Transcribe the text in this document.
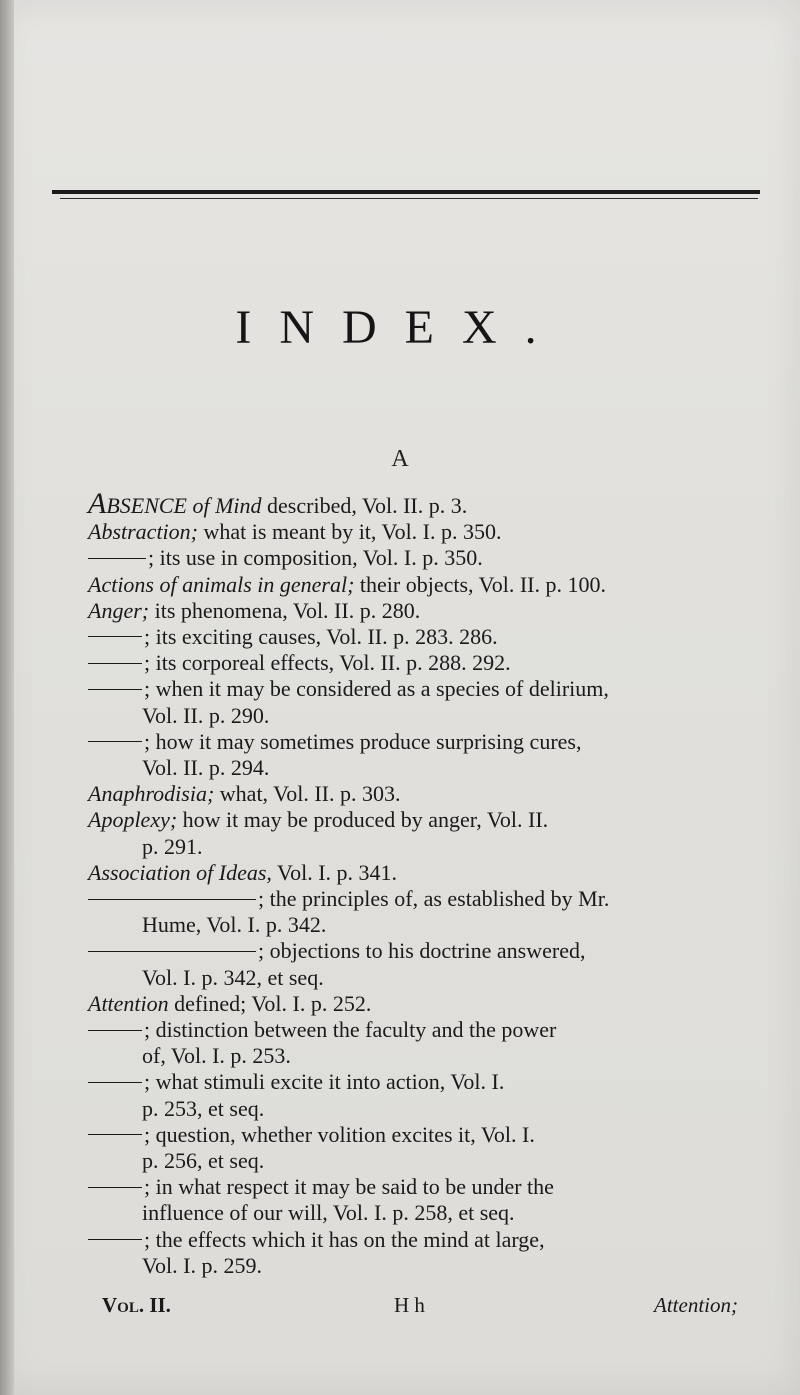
INDEX.
A
ABSENCE of Mind described, Vol. II. p. 3.
Abstraction; what is meant by it, Vol. I. p. 350.
; its use in composition, Vol. I. p. 350.
Actions of animals in general; their objects, Vol. II. p. 100.
Anger; its phenomena, Vol. II. p. 280.
; its exciting causes, Vol. II. p. 283. 286.
; its corporeal effects, Vol. II. p. 288. 292.
; when it may be considered as a species of delirium,
Vol. II. p. 290.
; how it may sometimes produce surprising cures,
Vol. II. p. 294.
Anaphrodisia; what, Vol. II. p. 303.
Apoplexy; how it may be produced by anger, Vol. II.
p. 291.
Association of Ideas, Vol. I. p. 341.
; the principles of, as established by Mr.
Hume, Vol. I. p. 342.
; objections to his doctrine answered,
Vol. I. p. 342, et seq.
Attention defined; Vol. I. p. 252.
; distinction between the faculty and the power
of, Vol. I. p. 253.
; what stimuli excite it into action, Vol. I.
p. 253, et seq.
; question, whether volition excites it, Vol. I.
p. 256, et seq.
; in what respect it may be said to be under the
influence of our will, Vol. I. p. 258, et seq.
; the effects which it has on the mind at large,
Vol. I. p. 259.
Vol. II.	H h	Attention;
